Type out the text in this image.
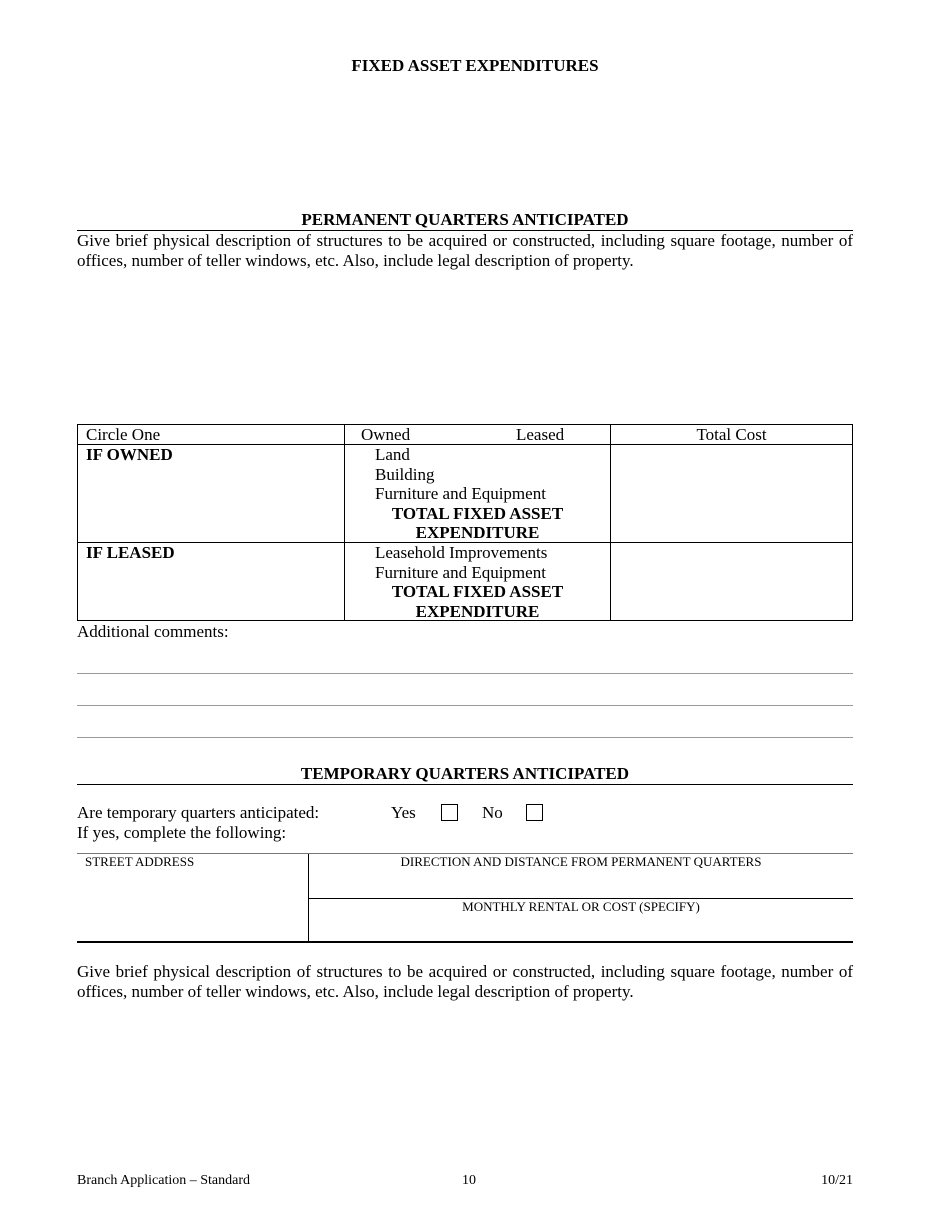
FIXED ASSET EXPENDITURES
PERMANENT QUARTERS ANTICIPATED
Give brief physical description of structures to be acquired or constructed, including square footage, number of offices, number of teller windows, etc. Also, include legal description of property.
Circle One	Owned	Leased	Total Cost
IF OWNED	Land
Building
Furniture and Equipment
TOTAL FIXED ASSET
EXPENDITURE
IF LEASED	Leasehold Improvements
Furniture and Equipment
TOTAL FIXED ASSET
EXPENDITURE
Additional comments:
TEMPORARY QUARTERS ANTICIPATED
Are temporary quarters anticipated:
If yes, complete the following:
Yes	No
STREET ADDRESS	DIRECTION AND DISTANCE FROM PERMANENT QUARTERS
MONTHLY RENTAL OR COST (SPECIFY)
Give brief physical description of structures to be acquired or constructed, including square footage, number of offices, number of teller windows, etc. Also, include legal description of property.
Branch Application – Standard	10	10/21
